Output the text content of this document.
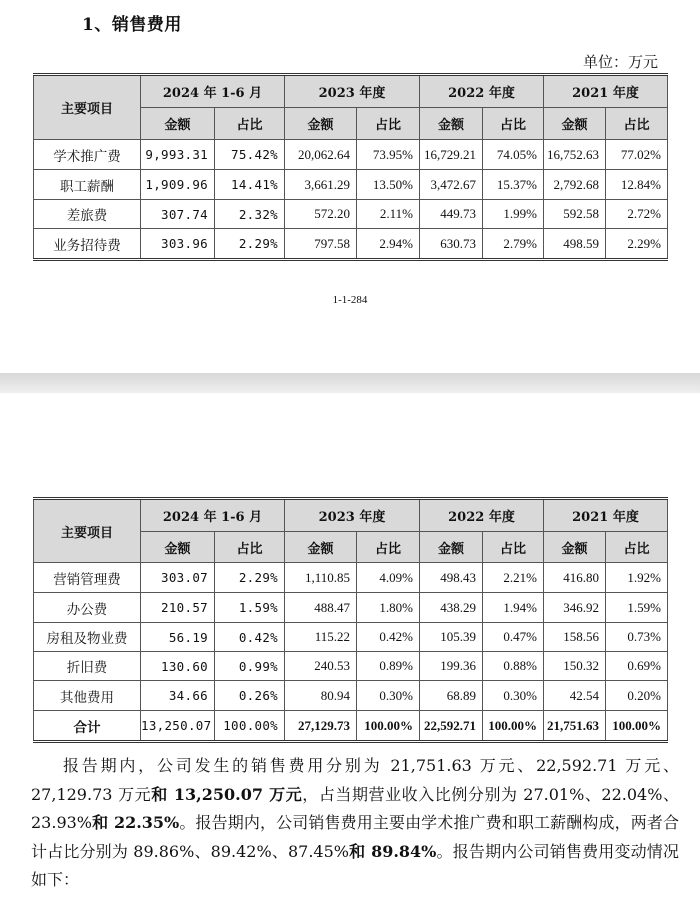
1、销售费用
单位：万元
主要项目	2024 年 1-6 月		2023 年度		2022 年度		2021 年度	
	金额	占比	金额	占比	金额	占比	金额	占比
学术推广费	9,993.31	75.42%	20,062.64	73.95%	16,729.21	74.05%	16,752.63	77.02%
职工薪酬	1,909.96	14.41%	3,661.29	13.50%	3,472.67	15.37%	2,792.68	12.84%
差旅费	307.74	2.32%	572.20	2.11%	449.73	1.99%	592.58	2.72%
业务招待费	303.96	2.29%	797.58	2.94%	630.73	2.79%	498.59	2.29%
1-1-284
主要项目	2024 年 1-6 月		2023 年度		2022 年度		2021 年度	
	金额	占比	金额	占比	金额	占比	金额	占比
营销管理费	303.07	2.29%	1,110.85	4.09%	498.43	2.21%	416.80	1.92%
办公费	210.57	1.59%	488.47	1.80%	438.29	1.94%	346.92	1.59%
房租及物业费	56.19	0.42%	115.22	0.42%	105.39	0.47%	158.56	0.73%
折旧费	130.60	0.99%	240.53	0.89%	199.36	0.88%	150.32	0.69%
其他费用	34.66	0.26%	80.94	0.30%	68.89	0.30%	42.54	0.20%
合计	13,250.07	100.00%	27,129.73	100.00%	22,592.71	100.00%	21,751.63	100.00%
报告期内，公司发生的销售费用分别为 21,751.63 万元、22,592.71 万元、27,129.73 万元和 13,250.07 万元，占当期营业收入比例分别为 27.01%、22.04%、23.93%和 22.35%。报告期内，公司销售费用主要由学术推广费和职工薪酬构成，两者合计占比分别为 89.86%、89.42%、87.45%和 89.84%。报告期内公司销售费用变动情况如下：
